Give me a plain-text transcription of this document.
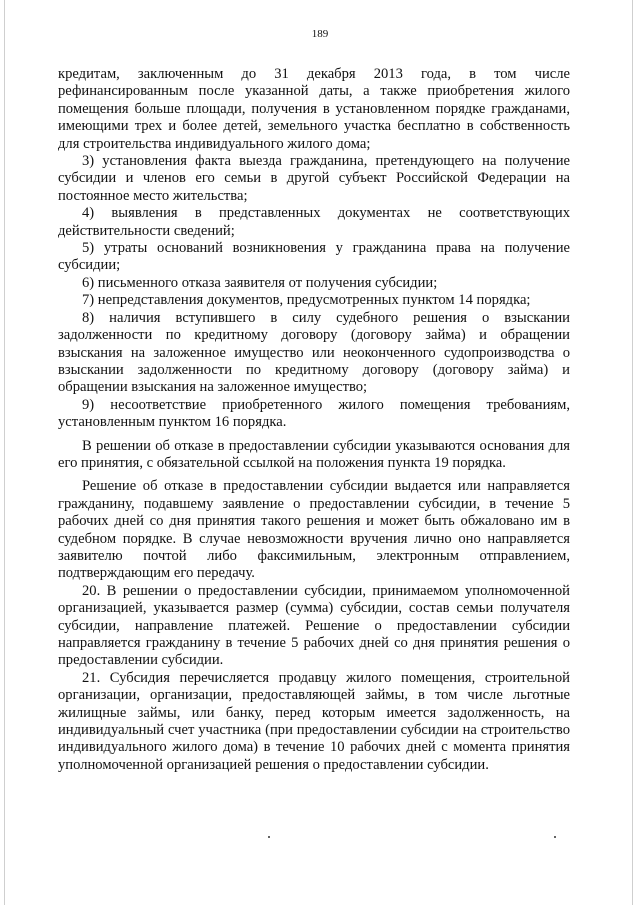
189

кредитам, заключенным до 31 декабря 2013 года, в том числе рефинансированным после указанной даты, а также приобретения жилого помещения больше площади, получения в установленном порядке гражданами, имеющими трех и более детей, земельного участка бесплатно в собственность для строительства индивидуального жилого дома;

3) установления факта выезда гражданина, претендующего на получение субсидии и членов его семьи в другой субъект Российской Федерации на постоянное место жительства;

4) выявления в представленных документах не соответствующих действительности сведений;

5) утраты оснований возникновения у гражданина права на получение субсидии;

6) письменного отказа заявителя от получения субсидии;

7) непредставления документов, предусмотренных пунктом 14 порядка;

8) наличия вступившего в силу судебного решения о взыскании задолженности по кредитному договору (договору займа) и обращении взыскания на заложенное имущество или неоконченного судопроизводства о взыскании задолженности по кредитному договору (договору займа) и обращении взыскания на заложенное имущество;

9) несоответствие приобретенного жилого помещения требованиям, установленным пунктом 16 порядка.

В решении об отказе в предоставлении субсидии указываются основания для его принятия, с обязательной ссылкой на положения пункта 19 порядка.

Решение об отказе в предоставлении субсидии выдается или направляется гражданину, подавшему заявление о предоставлении субсидии, в течение 5 рабочих дней со дня принятия такого решения и может быть обжаловано им в судебном порядке. В случае невозможности вручения лично оно направляется заявителю почтой либо факсимильным, электронным отправлением, подтверждающим его передачу.

20. В решении о предоставлении субсидии, принимаемом уполномоченной организацией, указывается размер (сумма) субсидии, состав семьи получателя субсидии, направление платежей. Решение о предоставлении субсидии направляется гражданину в течение 5 рабочих дней со дня принятия решения о предоставлении субсидии.

21. Субсидия перечисляется продавцу жилого помещения, строительной организации, организации, предоставляющей займы, в том числе льготные жилищные займы, или банку, перед которым имеется задолженность, на индивидуальный счет участника (при предоставлении субсидии на строительство индивидуального жилого дома) в течение 10 рабочих дней с момента принятия уполномоченной организацией решения о предоставлении субсидии.
